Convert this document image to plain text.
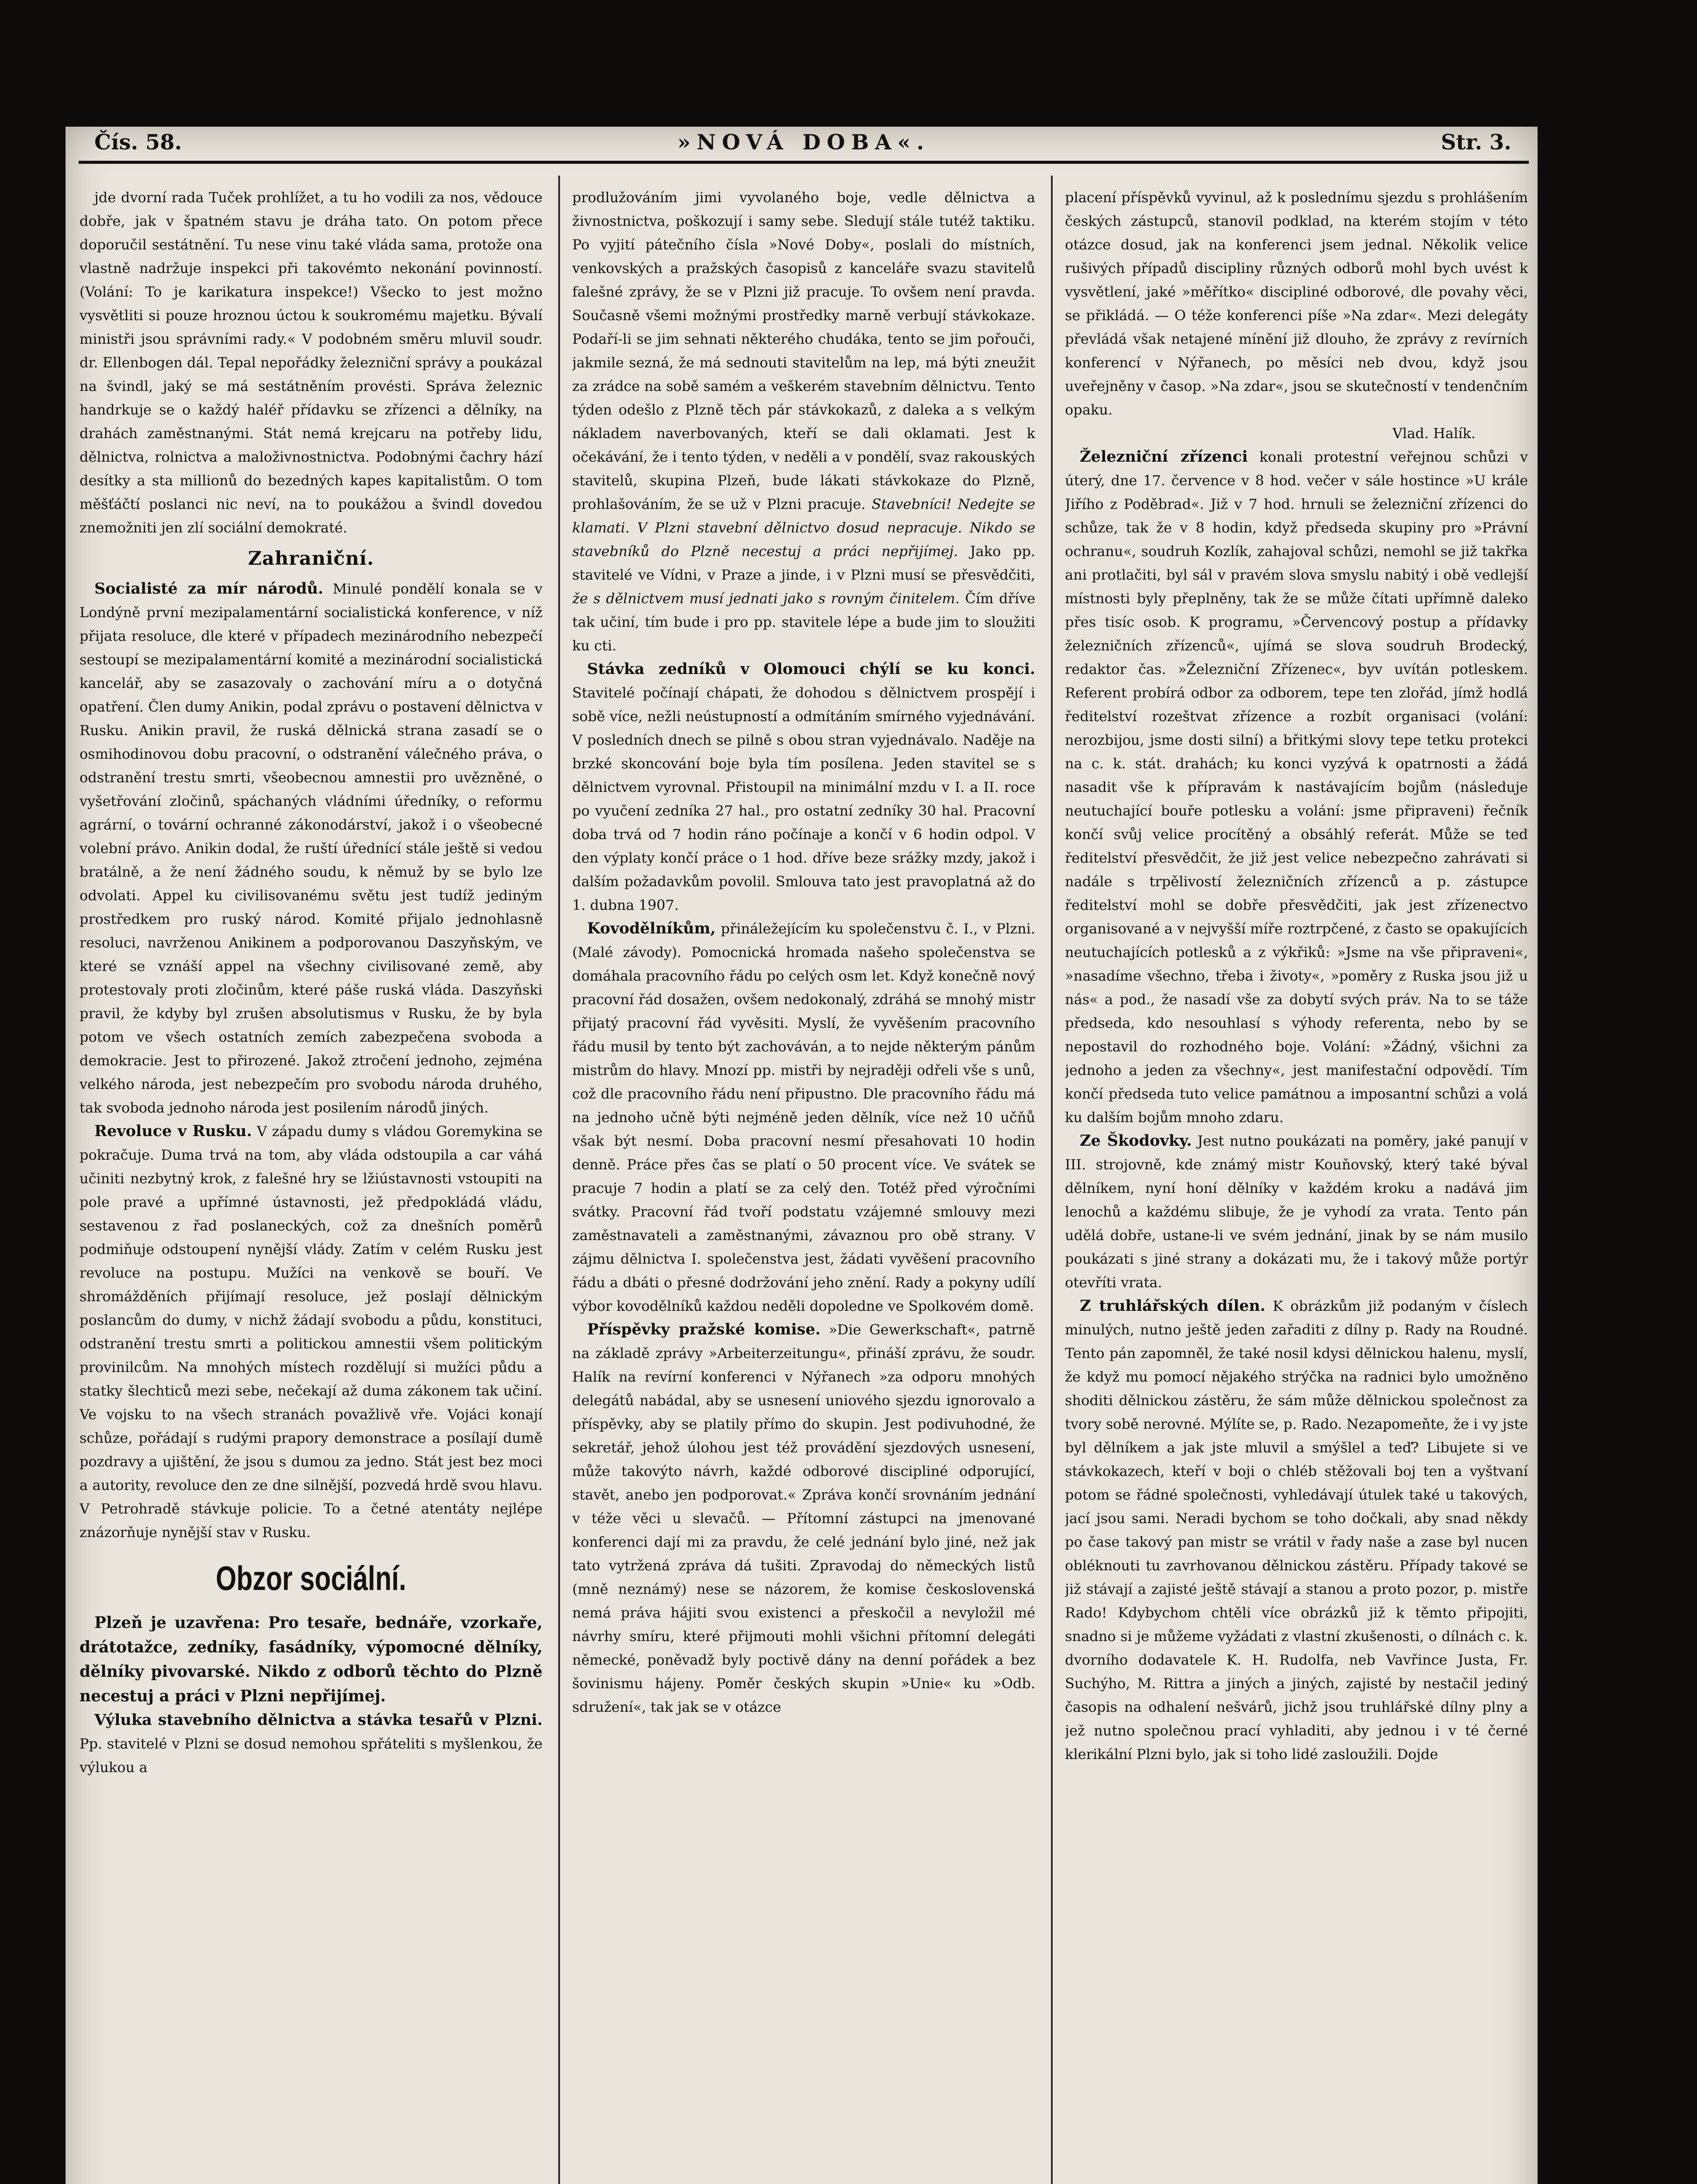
Čís. 58.	»NOVÁ DOBA«.	Str. 3.

jde dvorní rada Tuček prohlížet, a tu ho vodili za nos, vědouce dobře, jak v špatném stavu je dráha tato. On potom přece doporučil sestátnění. Tu nese vinu také vláda sama, protože ona vlastně nadržuje inspekci při takovémto nekonání povinností. (Volání: To je karikatura inspekce!) Všecko to jest možno vysvětliti si pouze hroznou úctou k soukromému majetku. Bývalí ministři jsou správními rady.« V podobném směru mluvil soudr. dr. Ellenbogen dál. Tepal nepořádky železniční správy a poukázal na švindl, jaký se má sestátněním provésti. Správa železnic handrkuje se o každý haléř přídavku se zřízenci a dělníky, na drahách zaměstnanými. Stát nemá krejcaru na potřeby lidu, dělnictva, rolnictva a maloživnostnictva. Podobnými čachry hází desítky a sta millionů do bezedných kapes kapitalistům. O tom měšťáčtí poslanci nic neví, na to poukážou a švindl dovedou znemožniti jen zlí sociální demokraté.

Zahraniční.

Socialisté za mír národů. Minulé pondělí konala se v Londýně první mezipalamentární socialistická konference, v níž přijata resoluce, dle které v případech mezinárodního nebezpečí sestoupí se mezipalamentární komité a mezinárodní socialistická kancelář, aby se zasazovaly o zachování míru a o dotyčná opatření. Člen dumy Anikin, podal zprávu o postavení dělnictva v Rusku. Anikin pravil, že ruská dělnická strana zasadí se o osmihodinovou dobu pracovní, o odstranění válečného práva, o odstranění trestu smrti, všeobecnou amnestii pro uvězněné, o vyšetřování zločinů, spáchaných vládními úředníky, o reformu agrární, o tovární ochranné zákonodárství, jakož i o všeobecné volební právo. Anikin dodal, že ruští úřednící stále ještě si vedou bratálně, a že není žádného soudu, k němuž by se bylo lze odvolati. Appel ku civilisovanému světu jest tudíž jediným prostředkem pro ruský národ. Komité přijalo jednohlasně resoluci, navrženou Anikinem a podporovanou Daszyňským, ve které se vznáší appel na všechny civilisované země, aby protestovaly proti zločinům, které páše ruská vláda. Daszyňski pravil, že kdyby byl zrušen absolutismus v Rusku, že by byla potom ve všech ostatních zemích zabezpečena svoboda a demokracie. Jest to přirozené. Jakož ztročení jednoho, zejména velkého národa, jest nebezpečím pro svobodu národa druhého, tak svoboda jednoho národa jest posilením národů jiných.

Revoluce v Rusku. V západu dumy s vládou Goremykina se pokračuje. Duma trvá na tom, aby vláda odstoupila a car váhá učiniti nezbytný krok, z falešné hry se lžiústavnosti vstoupiti na pole pravé a upřímné ústavnosti, jež předpokládá vládu, sestavenou z řad poslaneckých, což za dnešních poměrů podmiňuje odstoupení nynější vlády. Zatím v celém Rusku jest revoluce na postupu. Mužíci na venkově se bouří. Ve shromážděních přijímají resoluce, jež poslají dělnickým poslancům do dumy, v nichž žádají svobodu a půdu, konstituci, odstranění trestu smrti a politickou amnestii všem politickým provinilcům. Na mnohých místech rozdělují si mužíci půdu a statky šlechticů mezi sebe, nečekají až duma zákonem tak učiní. Ve vojsku to na všech stranách považlivě vře. Vojáci konají schůze, pořádají s rudými prapory demonstrace a posílají dumě pozdravy a ujištění, že jsou s dumou za jedno. Stát jest bez moci a autority, revoluce den ze dne silnější, pozvedá hrdě svou hlavu. V Petrohradě stávkuje policie. To a četné atentáty nejlépe znázorňuje nynější stav v Rusku.

Obzor sociální.

Plzeň je uzavřena: Pro tesaře, bednáře, vzorkaře, drátotažce, zedníky, fasádníky, výpomocné dělníky, dělníky pivovarské. Nikdo z odborů těchto do Plzně necestuj a práci v Plzni nepřijímej.

Výluka stavebního dělnictva a stávka tesařů v Plzni. Pp. stavitelé v Plzni se dosud nemohou spřáteliti s myšlenkou, že výlukou a

prodlužováním jimi vyvolaného boje, vedle dělnictva a živnostnictva, poškozují i samy sebe. Sledují stále tutéž taktiku. Po vyjití pátečního čísla »Nové Doby«, poslali do místních, venkovských a pražských časopisů z kanceláře svazu stavitelů falešné zprávy, že se v Plzni již pracuje. To ovšem není pravda. Současně všemi možnými prostředky marně verbují stávkokaze. Podaří-li se jim sehnati některého chudáka, tento se jim pořouči, jakmile sezná, že má sednouti stavitelům na lep, má býti zneužit za zrádce na sobě samém a veškerém stavebním dělnictvu. Tento týden odešlo z Plzně těch pár stávkokazů, z daleka a s velkým nákladem naverbovaných, kteří se dali oklamati. Jest k očekávání, že i tento týden, v neděli a v pondělí, svaz rakouských stavitelů, skupina Plzeň, bude lákati stávkokaze do Plzně, prohlašováním, že se už v Plzni pracuje. Stavebníci! Nedejte se klamati. V Plzni stavební dělnictvo dosud nepracuje. Nikdo se stavebníků do Plzně necestuj a práci nepřijímej. Jako pp. stavitelé ve Vídni, v Praze a jinde, i v Plzni musí se přesvědčiti, že s dělnictvem musí jednati jako s rovným činitelem. Čím dříve tak učiní, tím bude i pro pp. stavitele lépe a bude jim to sloužiti ku cti.

Stávka zedníků v Olomouci chýlí se ku konci. Stavitelé počínají chápati, že dohodou s dělnictvem prospějí i sobě více, nežli neústupností a odmítáním smírného vyjednávání. V posledních dnech se pilně s obou stran vyjednávalo. Naděje na brzké skoncování boje byla tím posílena. Jeden stavitel se s dělnictvem vyrovnal. Přistoupil na minimální mzdu v I. a II. roce po vyučení zedníka 27 hal., pro ostatní zedníky 30 hal. Pracovní doba trvá od 7 hodin ráno počínaje a končí v 6 hodin odpol. V den výplaty končí práce o 1 hod. dříve beze srážky mzdy, jakož i dalším požadavkům povolil. Smlouva tato jest pravoplatná až do 1. dubna 1907.

Kovodělníkům, přináležejícím ku společenstvu č. I., v Plzni. (Malé závody). Pomocnická hromada našeho společenstva se domáhala pracovního řádu po celých osm let. Když konečně nový pracovní řád dosažen, ovšem nedokonalý, zdráhá se mnohý mistr přijatý pracovní řád vyvěsiti. Myslí, že vyvěšením pracovního řádu musil by tento být zachováván, a to nejde některým pánům mistrům do hlavy. Mnozí pp. mistři by nejraději odřeli vše s unů, což dle pracovního řádu není připustno. Dle pracovního řádu má na jednoho učně býti nejméně jeden dělník, více než 10 učňů však být nesmí. Doba pracovní nesmí přesahovati 10 hodin denně. Práce přes čas se platí o 50 procent více. Ve svátek se pracuje 7 hodin a platí se za celý den. Totéž před výročními svátky. Pracovní řád tvoří podstatu vzájemné smlouvy mezi zaměstnavateli a zaměstnanými, závaznou pro obě strany. V zájmu dělnictva I. společenstva jest, žádati vyvěšení pracovního řádu a dbáti o přesné dodržování jeho znění. Rady a pokyny udílí výbor kovodělníků každou neděli dopoledne ve Spolkovém domě.

Příspěvky pražské komise. »Die Gewerkschaft«, patrně na základě zprávy »Arbeiterzeitungu«, přináší zprávu, že soudr. Halík na revírní konferenci v Nýřanech »za odporu mnohých delegátů nabádal, aby se usnesení uniového sjezdu ignorovalo a příspěvky, aby se platily přímo do skupin. Jest podivuhodné, že sekretář, jehož úlohou jest též provádění sjezdových usnesení, může takovýto návrh, každé odborové discipliné odporující, stavět, anebo jen podporovat.« Zpráva končí srovnáním jednání v téže věci u slevačů. — Přítomní zástupci na jmenované konferenci dají mi za pravdu, že celé jednání bylo jiné, než jak tato vytržená zpráva dá tušiti. Zpravodaj do německých listů (mně neznámý) nese se názorem, že komise československá nemá práva hájiti svou existenci a přeskočil a nevyložil mé návrhy smíru, které přijmouti mohli všichni přítomní delegáti německé, poněvadž byly poctivě dány na denní pořádek a bez šovinismu hájeny. Poměr českých skupin »Unie« ku »Odb. sdružení«, tak jak se v otázce

placení příspěvků vyvinul, až k poslednímu sjezdu s prohlášením českých zástupců, stanovil podklad, na kterém stojím v této otázce dosud, jak na konferenci jsem jednal. Několik velice rušivých případů discipliny různých odborů mohl bych uvést k vysvětlení, jaké »měřítko« discipliné odborové, dle povahy věci, se přikládá. — O téže konferenci píše »Na zdar«. Mezi delegáty převládá však netajené mínění již dlouho, že zprávy z revírních konferencí v Nýřanech, po měsíci neb dvou, když jsou uveřejněny v časop. »Na zdar«, jsou se skutečností v tendenčním opaku.

Vlad. Halík.

Železniční zřízenci konali protestní veřejnou schůzi v úterý, dne 17. července v 8 hod. večer v sále hostince »U krále Jiřího z Poděbrad«. Již v 7 hod. hrnuli se železniční zřízenci do schůze, tak že v 8 hodin, když předseda skupiny pro »Právní ochranu«, soudruh Kozlík, zahajoval schůzi, nemohl se již takřka ani protlačiti, byl sál v pravém slova smyslu nabitý i obě vedlejší místnosti byly přeplněny, tak že se může čítati upřímně daleko přes tisíc osob. K programu, »Červencový postup a přídavky železničních zřízenců«, ujímá se slova soudruh Brodecký, redaktor čas. »Železniční Zřízenec«, byv uvítán potleskem. Referent probírá odbor za odborem, tepe ten zlořád, jímž hodlá ředitelství rozeštvat zřízence a rozbít organisaci (volání: nerozbijou, jsme dosti silní) a břitkými slovy tepe tetku protekci na c. k. stát. drahách; ku konci vyzývá k opatrnosti a žádá nasadit vše k přípravám k nastávajícím bojům (následuje neutuchající bouře potlesku a volání: jsme připraveni) řečník končí svůj velice procítěný a obsáhlý referát. Může se teď ředitelství přesvědčit, že již jest velice nebezpečno zahrávati si nadále s trpělivostí železničních zřízenců a p. zástupce ředitelství mohl se dobře přesvědčiti, jak jest zřízenectvo organisované a v nejvyšší míře roztrpčené, z často se opakujících neutuchajících potlesků a z výkřiků: »Jsme na vše připraveni«, »nasadíme všechno, třeba i životy«, »poměry z Ruska jsou již u nás« a pod., že nasadí vše za dobytí svých práv. Na to se táže předseda, kdo nesouhlasí s výhody referenta, nebo by se nepostavil do rozhodného boje. Volání: »Žádný, všichni za jednoho a jeden za všechny«, jest manifestační odpovědí. Tím končí předseda tuto velice památnou a imposantní schůzi a volá ku dalším bojům mnoho zdaru.

Ze Škodovky. Jest nutno poukázati na poměry, jaké panují v III. strojovně, kde známý mistr Kouňovský, který také býval dělníkem, nyní honí dělníky v každém kroku a nadává jim lenochů a každému slibuje, že je vyhodí za vrata. Tento pán udělá dobře, ustane-li ve svém jednání, jinak by se nám musilo poukázati s jiné strany a dokázati mu, že i takový může portýr otevříti vrata.

Z truhlářských dílen. K obrázkům již podaným v číslech minulých, nutno ještě jeden zařaditi z dílny p. Rady na Roudné. Tento pán zapomněl, že také nosil kdysi dělnickou halenu, myslí, že když mu pomocí nějakého strýčka na radnici bylo umožněno shoditi dělnickou zástěru, že sám může dělnickou společnost za tvory sobě nerovné. Mýlíte se, p. Rado. Nezapomeňte, že i vy jste byl dělníkem a jak jste mluvil a smýšlel a teď? Libujete si ve stávkokazech, kteří v boji o chléb stěžovali boj ten a vyštvaní potom se řádné společnosti, vyhledávají útulek také u takových, jací jsou sami. Neradi bychom se toho dočkali, aby snad někdy po čase takový pan mistr se vrátil v řady naše a zase byl nucen obléknouti tu zavrhovanou dělnickou zástěru. Případy takové se již stávají a zajisté ještě stávají a stanou a proto pozor, p. mistře Rado! Kdybychom chtěli více obrázků již k těmto připojiti, snadno si je můžeme vyžádati z vlastní zkušenosti, o dílnách c. k. dvorního dodavatele K. H. Rudolfa, neb Vavřince Justa, Fr. Suchýho, M. Rittra a jiných a jiných, zajisté by nestačil jediný časopis na odhalení nešvárů, jichž jsou truhlářské dílny plny a jež nutno společnou prací vyhladiti, aby jednou i v té černé klerikální Plzni bylo, jak si toho lidé zasloužili. Dojde
